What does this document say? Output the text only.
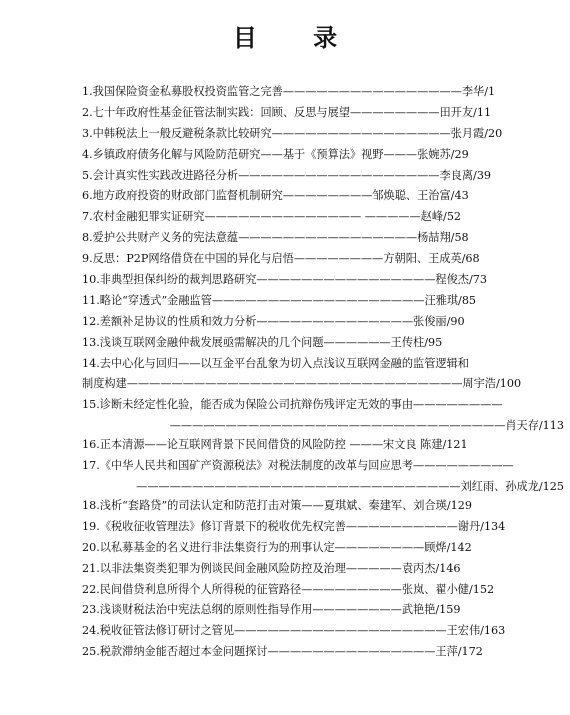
目 录
1.我国保险资金私募股权投资监管之完善————————————————李华/1
2.七十年政府性基金征管法制实践：回顾、反思与展望————————田开友/11
3.中韩税法上一般反避税条款比较研究————————————————张月霞/20
4.乡镇政府债务化解与风险防范研究——基于《预算法》视野———张婉苏/29
5.会计真实性实践改进路径分析——————————————————李良离/39
6.地方政府投资的财政部门监督机制研究————————邹焕聪、王治富/43
7.农村金融犯罪实证研究—————————————— —————赵峰/52
8.爱护公共财产义务的宪法意蕴————————————————杨喆翔/58
9.反思：P2P网络借贷在中国的异化与启悟————————方朝阳、王成英/68
10.非典型担保纠纷的裁判思路研究————————————————程俊杰/73
11.略论“穿透式”金融监管———————————————————汪雅琪/85
12.差额补足协议的性质和效力分析——————————————张俊丽/90
13.浅谈互联网金融仲裁发展亟需解决的几个问题——————王传柱/95
14.去中心化与回归——以互金平台乱象为切入点浅议互联网金融的监管逻辑和
制度构建——————————————————————————————周宇浩/100
15.诊断未经定性化验，能否成为保险公司抗辩伤残评定无效的事由————————
——————————————————————————————肖天存/113
16.正本清源——论互联网背景下民间借贷的风险防控 ———宋文良 陈建/121
17.《中华人民共和国矿产资源税法》对税法制度的改革与回应思考—————————
—————————————————————————————刘红雨、孙成龙/125
18.浅析“套路贷”的司法认定和防范打击对策——夏琪斌、秦建军、刘合瑛/129
19.《税收征收管理法》修订背景下的税收优先权完善——————————谢丹/134
20.以私募基金的名义进行非法集资行为的刑事认定————————顾烨/142
21.以非法集资类犯罪为例谈民间金融风险防控及治理—————袁丙杰/146
22.民间借贷利息所得个人所得税的征管路径—————————张岚、翟小健/152
23.浅谈财税法治中宪法总纲的原则性指导作用————————武艳艳/159
24.税收征管法修订研讨之管见———————————————————王宏伟/163
25.税款滞纳金能否超过本金问题探讨———————————————王萍/172
